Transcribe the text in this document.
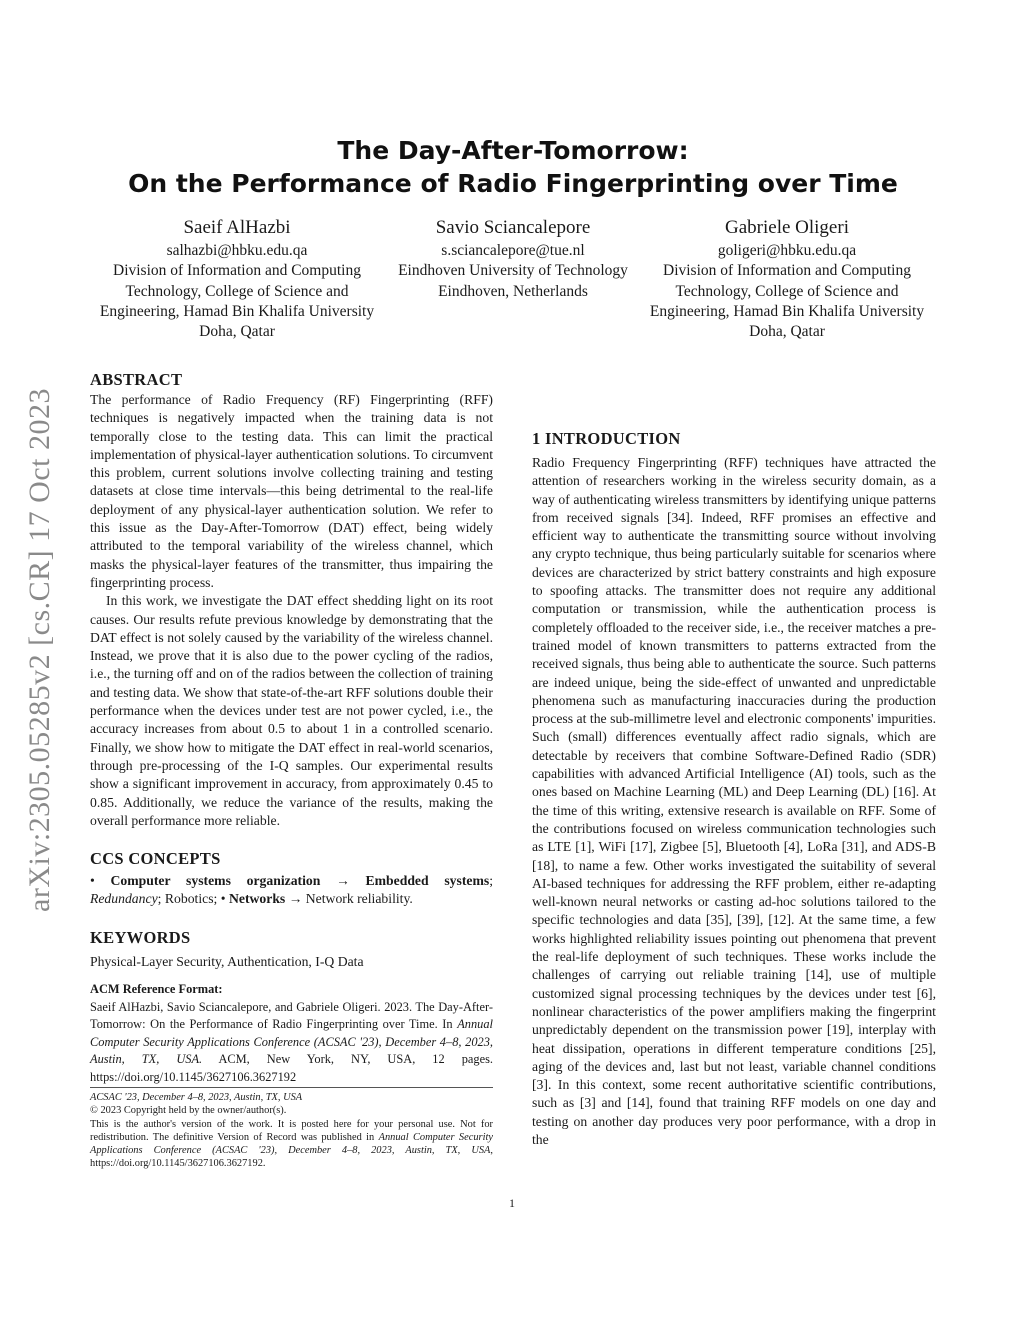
arXiv:2305.05285v2 [cs.CR] 17 Oct 2023
The Day-After-Tomorrow:
On the Performance of Radio Fingerprinting over Time
Saeif AlHazbi
salhazbi@hbku.edu.qa
Division of Information and Computing Technology, College of Science and Engineering, Hamad Bin Khalifa University
Doha, Qatar
Savio Sciancalepore
s.sciancalepore@tue.nl
Eindhoven University of Technology
Eindhoven, Netherlands
Gabriele Oligeri
goligeri@hbku.edu.qa
Division of Information and Computing Technology, College of Science and Engineering, Hamad Bin Khalifa University
Doha, Qatar
ABSTRACT

The performance of Radio Frequency (RF) Fingerprinting (RFF) techniques is negatively impacted when the training data is not temporally close to the testing data. This can limit the practical implementation of physical-layer authentication solutions. To circumvent this problem, current solutions involve collecting training and testing datasets at close time intervals—this being detrimental to the real-life deployment of any physical-layer authentication solution. We refer to this issue as the Day-After-Tomorrow (DAT) effect, being widely attributed to the temporal variability of the wireless channel, which masks the physical-layer features of the transmitter, thus impairing the fingerprinting process.

In this work, we investigate the DAT effect shedding light on its root causes. Our results refute previous knowledge by demonstrating that the DAT effect is not solely caused by the variability of the wireless channel. Instead, we prove that it is also due to the power cycling of the radios, i.e., the turning off and on of the radios between the collection of training and testing data. We show that state-of-the-art RFF solutions double their performance when the devices under test are not power cycled, i.e., the accuracy increases from about 0.5 to about 1 in a controlled scenario. Finally, we show how to mitigate the DAT effect in real-world scenarios, through pre-processing of the I-Q samples. Our experimental results show a significant improvement in accuracy, from approximately 0.45 to 0.85. Additionally, we reduce the variance of the results, making the overall performance more reliable.

CCS CONCEPTS

• Computer systems organization → Embedded systems; Redundancy; Robotics; • Networks → Network reliability.

KEYWORDS

Physical-Layer Security, Authentication, I-Q Data

ACM Reference Format:
Saeif AlHazbi, Savio Sciancalepore, and Gabriele Oligeri. 2023. The Day-After-Tomorrow: On the Performance of Radio Fingerprinting over Time. In Annual Computer Security Applications Conference (ACSAC '23), December 4–8, 2023, Austin, TX, USA. ACM, New York, NY, USA, 12 pages. https://doi.org/10.1145/3627106.3627192

ACSAC '23, December 4–8, 2023, Austin, TX, USA
© 2023 Copyright held by the owner/author(s).
This is the author's version of the work. It is posted here for your personal use. Not for redistribution. The definitive Version of Record was published in Annual Computer Security Applications Conference (ACSAC '23), December 4–8, 2023, Austin, TX, USA, https://doi.org/10.1145/3627106.3627192.

1 INTRODUCTION

Radio Frequency Fingerprinting (RFF) techniques have attracted the attention of researchers working in the wireless security domain, as a way of authenticating wireless transmitters by identifying unique patterns from received signals [34]. Indeed, RFF promises an effective and efficient way to authenticate the transmitting source without involving any crypto technique, thus being particularly suitable for scenarios where devices are characterized by strict battery constraints and high exposure to spoofing attacks. The transmitter does not require any additional computation or transmission, while the authentication process is completely offloaded to the receiver side, i.e., the receiver matches a pre-trained model of known transmitters to patterns extracted from the received signals, thus being able to authenticate the source. Such patterns are indeed unique, being the side-effect of unwanted and unpredictable phenomena such as manufacturing inaccuracies during the production process at the sub-millimetre level and electronic components' impurities. Such (small) differences eventually affect radio signals, which are detectable by receivers that combine Software-Defined Radio (SDR) capabilities with advanced Artificial Intelligence (AI) tools, such as the ones based on Machine Learning (ML) and Deep Learning (DL) [16]. At the time of this writing, extensive research is available on RFF. Some of the contributions focused on wireless communication technologies such as LTE [1], WiFi [17], Zigbee [5], Bluetooth [4], LoRa [31], and ADS-B [18], to name a few. Other works investigated the suitability of several AI-based techniques for addressing the RFF problem, either re-adapting well-known neural networks or casting ad-hoc solutions tailored to the specific technologies and data [35], [39], [12]. At the same time, a few works highlighted reliability issues pointing out phenomena that prevent the real-life deployment of such techniques. These works include the challenges of carrying out reliable training [14], use of multiple customized signal processing techniques by the devices under test [6], nonlinear characteristics of the power amplifiers making the fingerprint unpredictably dependent on the transmission power [19], interplay with heat dissipation, operations in different temperature conditions [25], aging of the devices and, last but not least, variable channel conditions [3]. In this context, some recent authoritative scientific contributions, such as [3] and [14], found that training RFF models on one day and testing on another day produces very poor performance, with a drop in the

1
